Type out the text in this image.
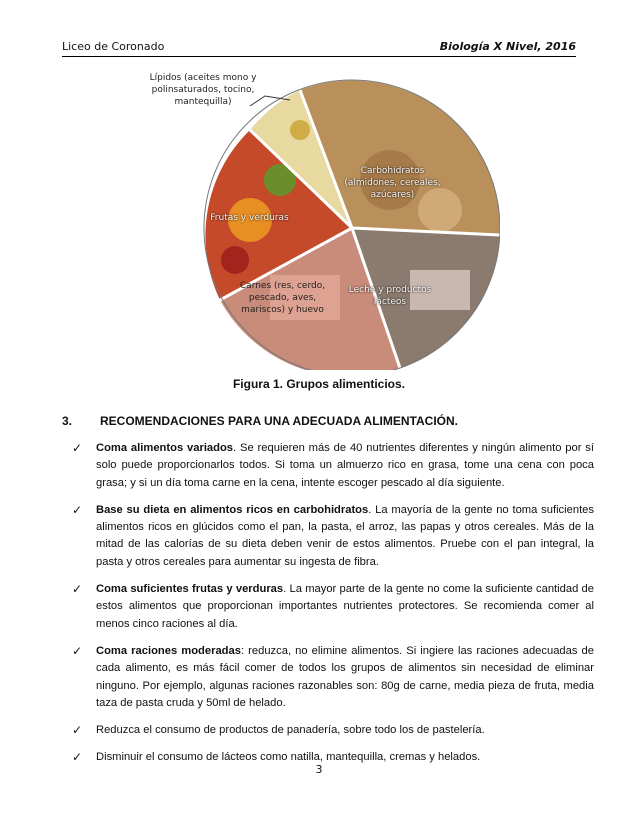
Liceo de Coronado	Biología X Nivel, 2016
Lípidos (aceites mono y polinsaturados, tocino, mantequilla)
Carbohidratos (almidones, cereales, azúcares)
Frutas y verduras
Leche y productos lácteos
Carnes (res, cerdo, pescado, aves, mariscos) y huevo
Figura 1. Grupos alimenticios.
3. RECOMENDACIONES PARA UNA ADECUADA ALIMENTACIÓN.
✓ Coma alimentos variados. Se requieren más de 40 nutrientes diferentes y ningún alimento por sí solo puede proporcionarlos todos. Si toma un almuerzo rico en grasa, tome una cena con poca grasa; y si un día toma carne en la cena, intente escoger pescado al día siguiente.
✓ Base su dieta en alimentos ricos en carbohidratos. La mayoría de la gente no toma suficientes alimentos ricos en glúcidos como el pan, la pasta, el arroz, las papas y otros cereales. Más de la mitad de las calorías de su dieta deben venir de estos alimentos. Pruebe con el pan integral, la pasta y otros cereales para aumentar su ingesta de fibra.
✓ Coma suficientes frutas y verduras. La mayor parte de la gente no come la suficiente cantidad de estos alimentos que proporcionan importantes nutrientes protectores. Se recomienda comer al menos cinco raciones al día.
✓ Coma raciones moderadas: reduzca, no elimine alimentos. Si ingiere las raciones adecuadas de cada alimento, es más fácil comer de todos los grupos de alimentos sin necesidad de eliminar ninguno. Por ejemplo, algunas raciones razonables son: 80g de carne, media pieza de fruta, media taza de pasta cruda y 50ml de helado.
✓ Reduzca el consumo de productos de panadería, sobre todo los de pastelería.
✓ Disminuir el consumo de lácteos como natilla, mantequilla, cremas y helados.
3
